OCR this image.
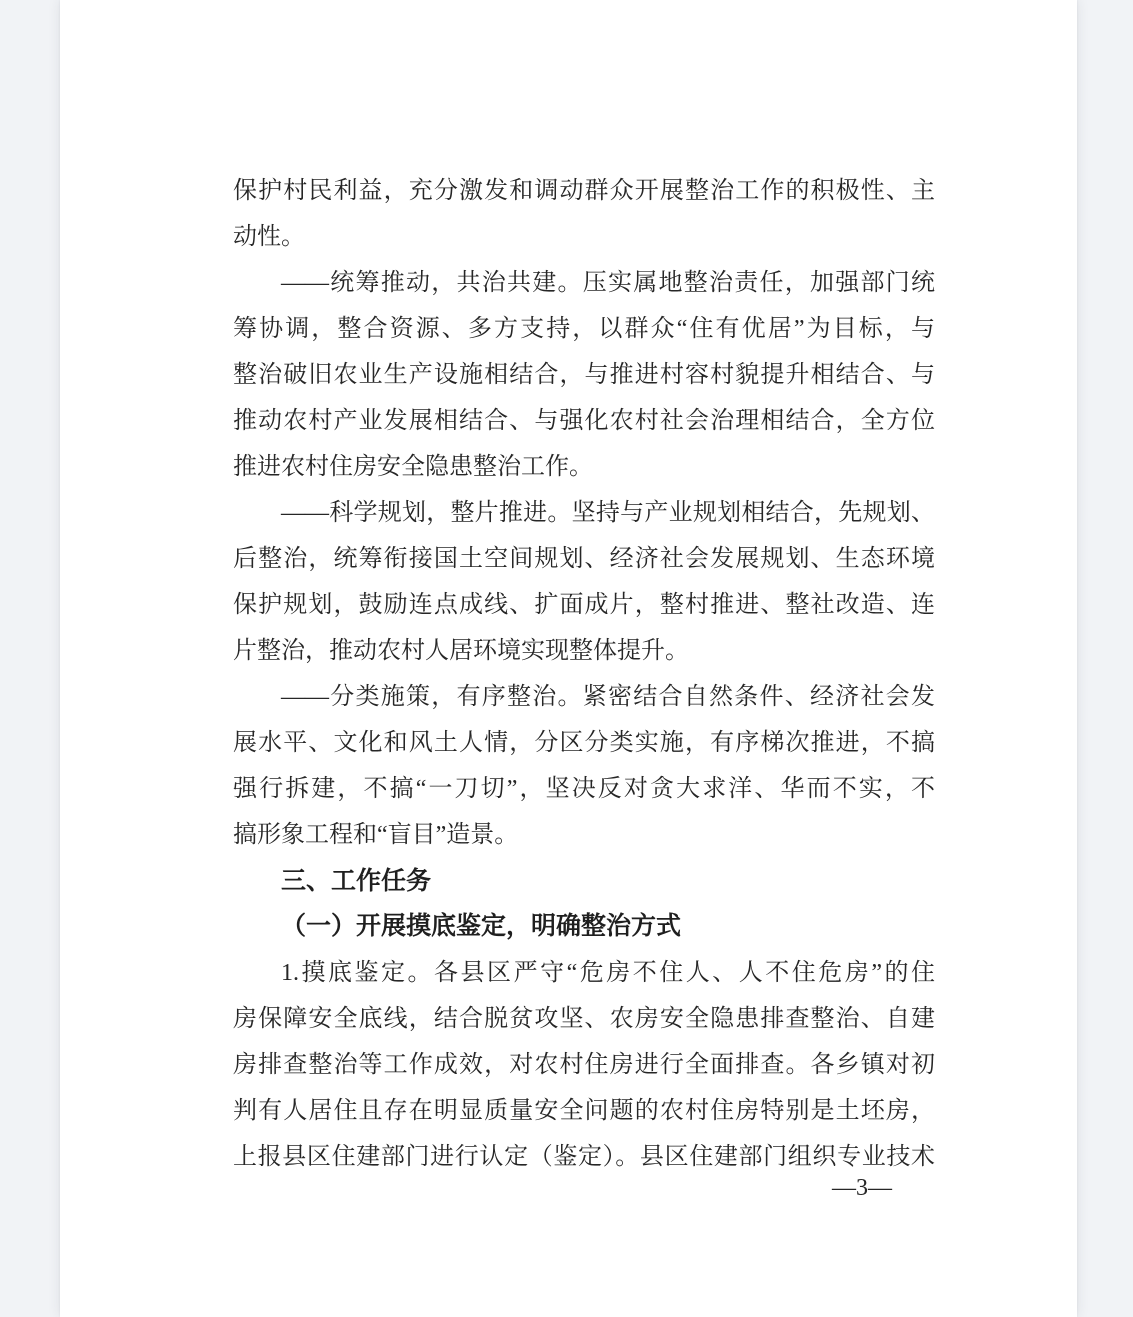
保护村民利益，充分激发和调动群众开展整治工作的积极性、主
动性。
——统筹推动，共治共建。压实属地整治责任，加强部门统
筹协调，整合资源、多方支持，以群众“住有优居”为目标，与
整治破旧农业生产设施相结合，与推进村容村貌提升相结合、与
推动农村产业发展相结合、与强化农村社会治理相结合，全方位
推进农村住房安全隐患整治工作。
——科学规划，整片推进。坚持与产业规划相结合，先规划、
后整治，统筹衔接国土空间规划、经济社会发展规划、生态环境
保护规划，鼓励连点成线、扩面成片，整村推进、整社改造、连
片整治，推动农村人居环境实现整体提升。
——分类施策，有序整治。紧密结合自然条件、经济社会发
展水平、文化和风土人情，分区分类实施，有序梯次推进，不搞
强行拆建，不搞“一刀切”，坚决反对贪大求洋、华而不实，不
搞形象工程和“盲目”造景。
三、工作任务
（一）开展摸底鉴定，明确整治方式
1.摸底鉴定。各县区严守“危房不住人、人不住危房”的住
房保障安全底线，结合脱贫攻坚、农房安全隐患排查整治、自建
房排查整治等工作成效，对农村住房进行全面排查。各乡镇对初
判有人居住且存在明显质量安全问题的农村住房特别是土坯房，
上报县区住建部门进行认定（鉴定）。县区住建部门组织专业技术
—3—
